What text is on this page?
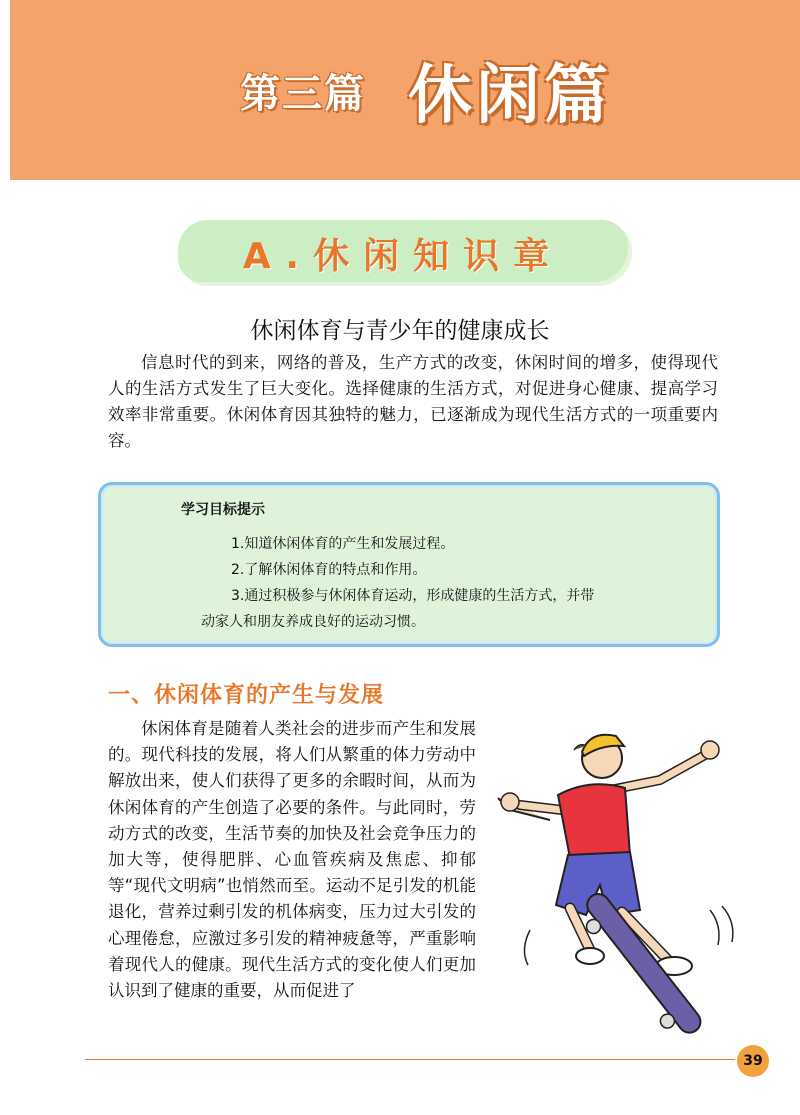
第三篇 休闲篇
A.休闲知识章
休闲体育与青少年的健康成长

信息时代的到来，网络的普及，生产方式的改变，休闲时间的增多，使得现代人的生活方式发生了巨大变化。选择健康的生活方式，对促进身心健康、提高学习效率非常重要。休闲体育因其独特的魅力，已逐渐成为现代生活方式的一项重要内容。

学习目标提示
1.知道休闲体育的产生和发展过程。
2.了解休闲体育的特点和作用。
3.通过积极参与休闲体育运动，形成健康的生活方式，并带
动家人和朋友养成良好的运动习惯。
一、休闲体育的产生与发展

休闲体育是随着人类社会的进步而产生和发展的。现代科技的发展，将人们从繁重的体力劳动中解放出来，使人们获得了更多的余暇时间，从而为休闲体育的产生创造了必要的条件。与此同时，劳动方式的改变，生活节奏的加快及社会竞争压力的加大等，使得肥胖、心血管疾病及焦虑、抑郁等“现代文明病”也悄然而至。运动不足引发的机能退化，营养过剩引发的机体病变，压力过大引发的心理倦怠，应激过多引发的精神疲惫等，严重影响着现代人的健康。现代生活方式的变化使人们更加认识到了健康的重要，从而促进了

39
